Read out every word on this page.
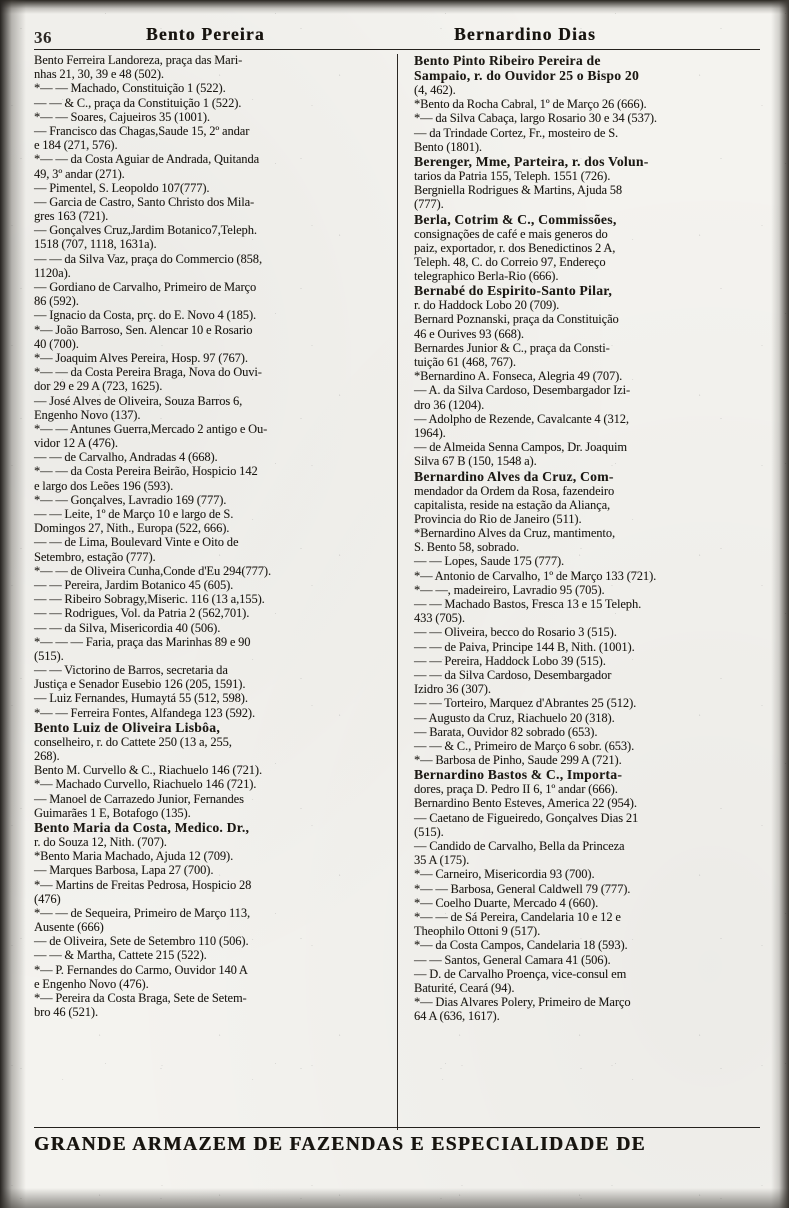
36	Bento Pereira	Bernardino Dias

Bento Ferreira Landoreza, praça das Mari-

nhas 21, 30, 39 e 48 (502).

*— — Machado, Constituição 1 (522).

— — & C., praça da Constituição 1 (522).

*— — Soares, Cajueiros 35 (1001).

— Francisco das Chagas,Saude 15, 2º andar

e 184 (271, 576).

*— — da Costa Aguiar de Andrada, Quitanda

49, 3º andar (271).

— Pimentel, S. Leopoldo 107(777).

— Garcia de Castro, Santo Christo dos Mila-

gres 163 (721).

— Gonçalves Cruz,Jardim Botanico7,Teleph.

1518 (707, 1118, 1631a).

— — da Silva Vaz, praça do Commercio (858,

1120a).

— Gordiano de Carvalho, Primeiro de Março

86 (592).

— Ignacio da Costa, prç. do E. Novo 4 (185).

*— João Barroso, Sen. Alencar 10 e Rosario

40 (700).

*— Joaquim Alves Pereira, Hosp. 97 (767).

*— — da Costa Pereira Braga, Nova do Ouvi-

dor 29 e 29 A (723, 1625).

— José Alves de Oliveira, Souza Barros 6,

Engenho Novo (137).

*— — Antunes Guerra,Mercado 2 antigo e Ou-

vidor 12 A (476).

— — de Carvalho, Andradas 4 (668).

*— — da Costa Pereira Beirão, Hospicio 142

e largo dos Leões 196 (593).

*— — Gonçalves, Lavradio 169 (777).

— — Leite, 1º de Março 10 e largo de S.

Domingos 27, Nith., Europa (522, 666).

— — de Lima, Boulevard Vinte e Oito de

Setembro, estação (777).

*— — de Oliveira Cunha,Conde d'Eu 294(777).

— — Pereira, Jardim Botanico 45 (605).

— — Ribeiro Sobragy,Miseric. 116 (13 a,155).

— — Rodrigues, Vol. da Patria 2 (562,701).

— — da Silva, Misericordia 40 (506).

*— — — Faria, praça das Marinhas 89 e 90

(515).

— — Victorino de Barros, secretaria da

Justiça e Senador Eusebio 126 (205, 1591).

— Luiz Fernandes, Humaytá 55 (512, 598).

*— — Ferreira Fontes, Alfandega 123 (592).

Bento Luiz de Oliveira Lisbôa,

conselheiro, r. do Cattete 250 (13 a, 255,

268).

Bento M. Curvello & C., Riachuelo 146 (721).

*— Machado Curvello, Riachuelo 146 (721).

— Manoel de Carrazedo Junior, Fernandes

Guimarães 1 E, Botafogo (135).

Bento Maria da Costa, Medico. Dr.,

r. do Souza 12, Nith. (707).

*Bento Maria Machado, Ajuda 12 (709).

— Marques Barbosa, Lapa 27 (700).

*— Martins de Freitas Pedrosa, Hospicio 28

(476)

*— — de Sequeira, Primeiro de Março 113,

Ausente (666)

— de Oliveira, Sete de Setembro 110 (506).

— — & Martha, Cattete 215 (522).

*— P. Fernandes do Carmo, Ouvidor 140 A

e Engenho Novo (476).

*— Pereira da Costa Braga, Sete de Setem-

bro 46 (521).

Bento Pinto Ribeiro Pereira de

Sampaio, r. do Ouvidor 25 o Bispo 20

(4, 462).

*Bento da Rocha Cabral, 1º de Março 26 (666).

*— da Silva Cabaça, largo Rosario 30 e 34 (537).

— da Trindade Cortez, Fr., mosteiro de S.

Bento (1801).

Berenger, Mme, Parteira, r. dos Volun-

tarios da Patria 155, Teleph. 1551 (726).

Bergniella Rodrigues & Martins, Ajuda 58

(777).

Berla, Cotrim & C., Commissões,

consignações de café e mais generos do

paiz, exportador, r. dos Benedictinos 2 A,

Teleph. 48, C. do Correio 97, Endereço

telegraphico Berla-Rio (666).

Bernabé do Espirito-Santo Pilar,

r. do Haddock Lobo 20 (709).

Bernard Poznanski, praça da Constituição

46 e Ourives 93 (668).

Bernardes Junior & C., praça da Consti-

tuição 61 (468, 767).

*Bernardino A. Fonseca, Alegria 49 (707).

— A. da Silva Cardoso, Desembargador Izi-

dro 36 (1204).

— Adolpho de Rezende, Cavalcante 4 (312,

1964).

— de Almeida Senna Campos, Dr. Joaquim

Silva 67 B (150, 1548 a).

Bernardino Alves da Cruz, Com-

mendador da Ordem da Rosa, fazendeiro

capitalista, reside na estação da Aliança,

Provincia do Rio de Janeiro (511).

*Bernardino Alves da Cruz, mantimento,

S. Bento 58, sobrado.

— — Lopes, Saude 175 (777).

*— Antonio de Carvalho, 1º de Março 133 (721).

*— —, madeireiro, Lavradio 95 (705).

— — Machado Bastos, Fresca 13 e 15 Teleph.

433 (705).

— — Oliveira, becco do Rosario 3 (515).

— — de Paiva, Principe 144 B, Nith. (1001).

— — Pereira, Haddock Lobo 39 (515).

— — da Silva Cardoso, Desembargador

Izidro 36 (307).

— — Torteiro, Marquez d'Abrantes 25 (512).

— Augusto da Cruz, Riachuelo 20 (318).

— Barata, Ouvidor 82 sobrado (653).

— — & C., Primeiro de Março 6 sobr. (653).

*— Barbosa de Pinho, Saude 299 A (721).

Bernardino Bastos & C., Importa-

dores, praça D. Pedro II 6, 1º andar (666).

Bernardino Bento Esteves, America 22 (954).

— Caetano de Figueiredo, Gonçalves Dias 21

(515).

— Candido de Carvalho, Bella da Princeza

35 A (175).

*— Carneiro, Misericordia 93 (700).

*— — Barbosa, General Caldwell 79 (777).

*— Coelho Duarte, Mercado 4 (660).

*— — de Sá Pereira, Candelaria 10 e 12 e

Theophilo Ottoni 9 (517).

*— da Costa Campos, Candelaria 18 (593).

— — Santos, General Camara 41 (506).

— D. de Carvalho Proença, vice-consul em

Baturité, Ceará (94).

*— Dias Alvares Polery, Primeiro de Março

64 A (636, 1617).

GRANDE ARMAZEM DE FAZENDAS E ESPECIALIDADE DE
